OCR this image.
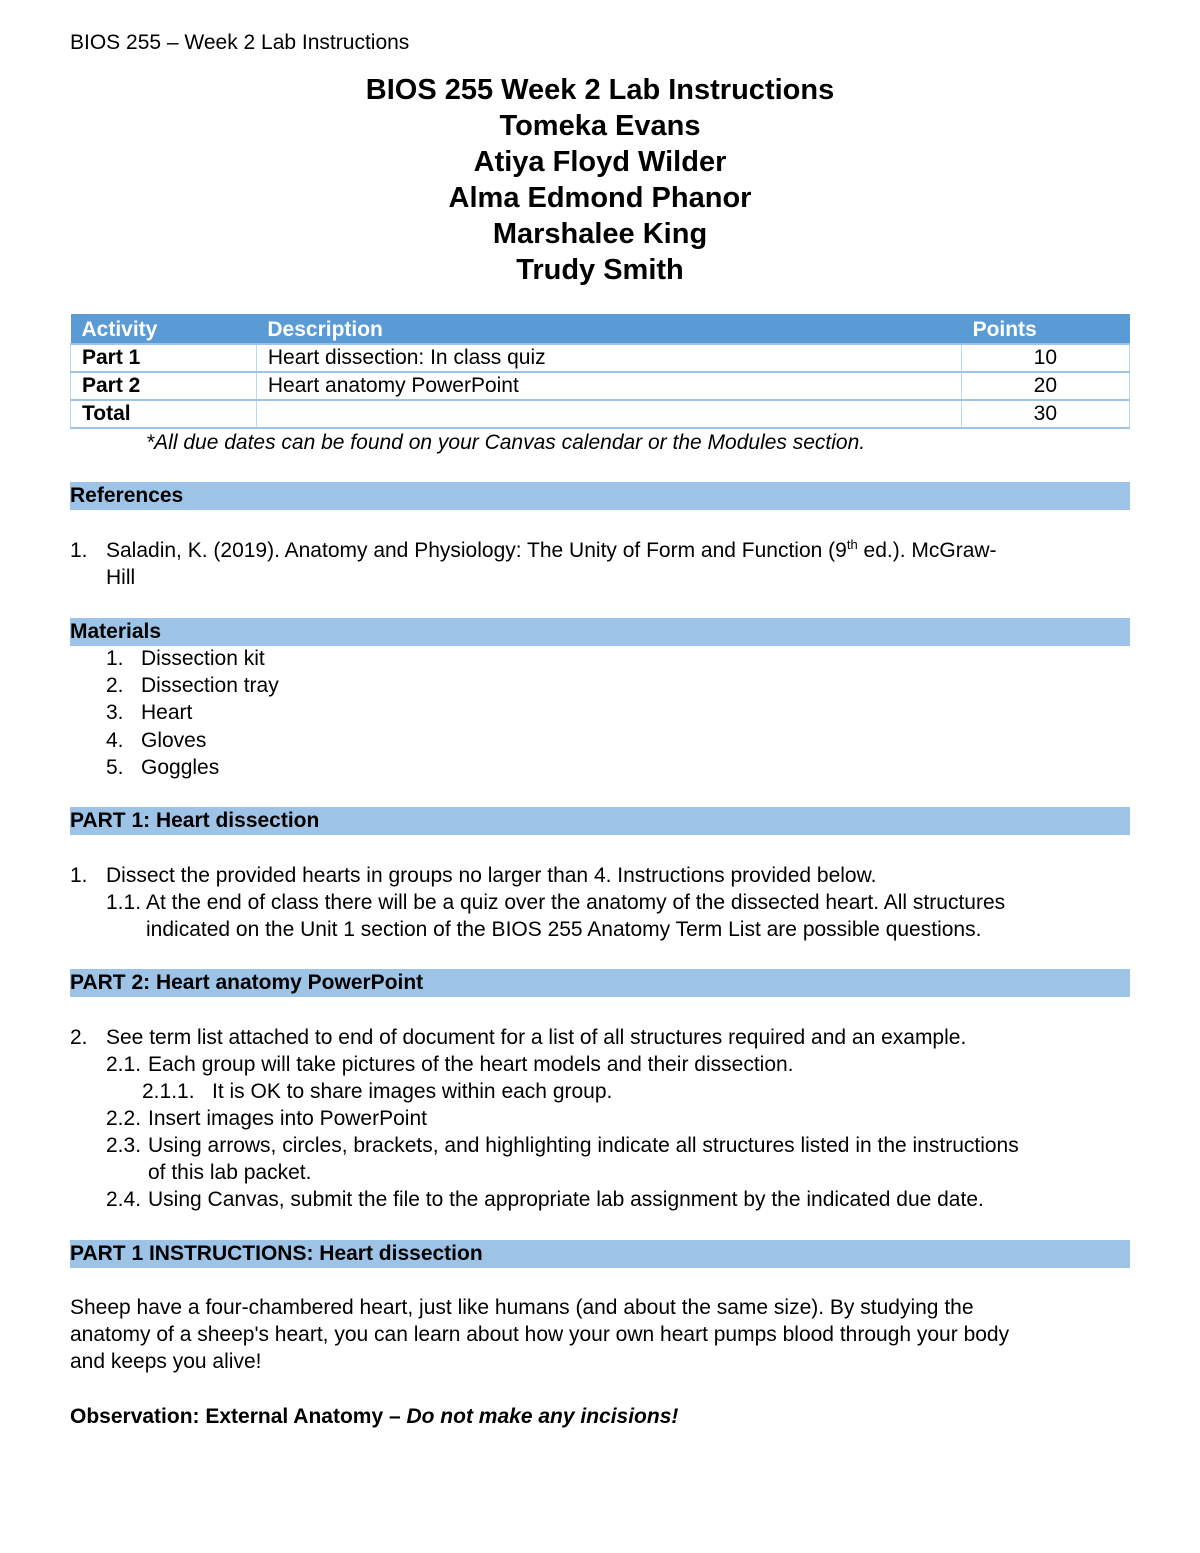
BIOS 255 – Week 2 Lab Instructions
BIOS 255 Week 2 Lab Instructions
Tomeka Evans
Atiya Floyd Wilder
Alma Edmond Phanor
Marshalee King
Trudy Smith
Activity	Description	Points
Part 1	Heart dissection: In class quiz	10
Part 2	Heart anatomy PowerPoint	20
Total		30
*All due dates can be found on your Canvas calendar or the Modules section.
References
1. Saladin, K. (2019). Anatomy and Physiology: The Unity of Form and Function (9th ed.). McGraw-
Hill
Materials
1. Dissection kit
2. Dissection tray
3. Heart
4. Gloves
5. Goggles
PART 1: Heart dissection
1. Dissect the provided hearts in groups no larger than 4. Instructions provided below.
1.1. At the end of class there will be a quiz over the anatomy of the dissected heart. All structures
indicated on the Unit 1 section of the BIOS 255 Anatomy Term List are possible questions.
PART 2: Heart anatomy PowerPoint
2. See term list attached to end of document for a list of all structures required and an example.
2.1. Each group will take pictures of the heart models and their dissection.
2.1.1. It is OK to share images within each group.
2.2. Insert images into PowerPoint
2.3. Using arrows, circles, brackets, and highlighting indicate all structures listed in the instructions
of this lab packet.
2.4. Using Canvas, submit the file to the appropriate lab assignment by the indicated due date.
PART 1 INSTRUCTIONS: Heart dissection
Sheep have a four-chambered heart, just like humans (and about the same size). By studying the
anatomy of a sheep's heart, you can learn about how your own heart pumps blood through your body
and keeps you alive!
Observation: External Anatomy – Do not make any incisions!
